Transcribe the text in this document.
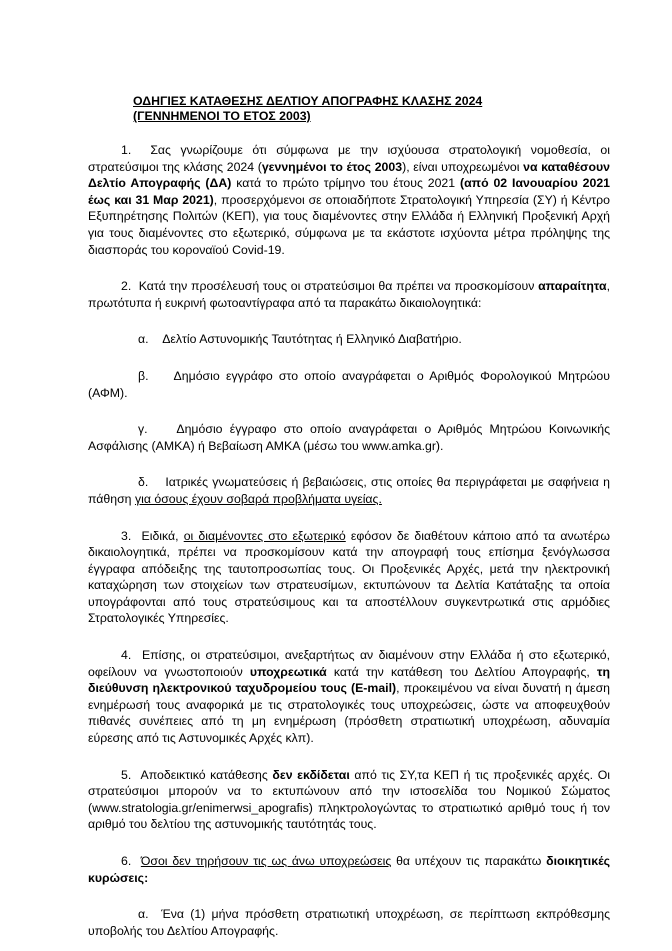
ΟΔΗΓΙΕΣ ΚΑΤΑΘΕΣΗΣ ΔΕΛΤΙΟΥ ΑΠΟΓΡΑΦΗΣ ΚΛΑΣΗΣ 2024

(ΓΕΝΝΗΜΕΝΟΙ ΤΟ ΕΤΟΣ 2003)

1.  Σας γνωρίζουμε ότι σύμφωνα με την ισχύουσα στρατολογική νομοθεσία, οι στρατεύσιμοι της κλάσης 2024 (γεννημένοι το έτος 2003), είναι υποχρεωμένοι να καταθέσουν Δελτίο Απογραφής (ΔΑ) κατά το πρώτο τρίμηνο του έτους 2021 (από 02 Ιανουαρίου 2021 έως και 31 Μαρ 2021), προσερχόμενοι σε οποιαδήποτε Στρατολογική Υπηρεσία (ΣΥ) ή Κέντρο Εξυπηρέτησης Πολιτών (ΚΕΠ), για τους διαμένοντες στην Ελλάδα ή Ελληνική Προξενική Αρχή για τους διαμένοντες στο εξωτερικό, σύμφωνα με τα εκάστοτε ισχύοντα μέτρα πρόληψης της διασποράς του κοροναϊού Covid-19.

2.  Κατά την προσέλευσή τους οι στρατεύσιμοι θα πρέπει να προσκομίσουν απαραίτητα, πρωτότυπα ή ευκρινή φωτοαντίγραφα από τα παρακάτω δικαιολογητικά:

α.    Δελτίο Αστυνομικής Ταυτότητας ή Ελληνικό Διαβατήριο.

β.    Δημόσιο εγγράφο στο οποίο αναγράφεται ο Αριθμός Φορολογικού Μητρώου (ΑΦΜ).

γ.    Δημόσιο έγγραφο στο οποίο αναγράφεται ο Αριθμός Μητρώου Κοινωνικής Ασφάλισης (ΑΜΚΑ) ή Βεβαίωση ΑΜΚΑ (μέσω του www.amka.gr).

δ.    Ιατρικές γνωματεύσεις ή βεβαιώσεις, στις οποίες θα περιγράφεται με σαφήνεια η πάθηση για όσους έχουν σοβαρά προβλήματα υγείας.

3.  Ειδικά, οι διαμένοντες στο εξωτερικό εφόσον δε διαθέτουν κάποιο από τα ανωτέρω δικαιολογητικά, πρέπει να προσκομίσουν κατά την απογραφή τους επίσημα ξενόγλωσσα έγγραφα απόδειξης της ταυτοπροσωπίας τους. Οι Προξενικές Αρχές, μετά την ηλεκτρονική καταχώρηση των στοιχείων των στρατευσίμων, εκτυπώνουν τα Δελτία Κατάταξης τα οποία υπογράφονται από τους στρατεύσιμους και τα αποστέλλουν συγκεντρωτικά στις αρμόδιες Στρατολογικές Υπηρεσίες.

4.  Επίσης, οι στρατεύσιμοι, ανεξαρτήτως αν διαμένουν στην Ελλάδα ή στο εξωτερικό, οφείλουν να γνωστοποιούν υποχρεωτικά κατά την κατάθεση του Δελτίου Απογραφής, τη διεύθυνση ηλεκτρονικού ταχυδρομείου τους (E-mail), προκειμένου να είναι δυνατή η άμεση ενημέρωσή τους αναφορικά με τις στρατολογικές τους υποχρεώσεις, ώστε να αποφευχθούν πιθανές συνέπειες από τη μη ενημέρωση (πρόσθετη στρατιωτική υποχρέωση, αδυναμία εύρεσης από τις Αστυνομικές Αρχές κλπ).

5.  Αποδεικτικό κατάθεσης δεν εκδίδεται από τις ΣΥ,τα ΚΕΠ ή τις προξενικές αρχές. Οι στρατεύσιμοι μπορούν να το εκτυπώνουν από την ιστοσελίδα του Νομικού Σώματος (www.stratologia.gr/enimerwsi_apografis) πληκτρολογώντας το στρατιωτικό αριθμό τους ή τον αριθμό του δελτίου της αστυνομικής ταυτότητάς τους.

6.  Όσοι δεν τηρήσουν τις ως άνω υποχρεώσεις θα υπέχουν τις παρακάτω διοικητικές κυρώσεις:

α.  Ένα (1) μήνα πρόσθετη στρατιωτική υποχρέωση, σε περίπτωση εκπρόθεσμης υποβολής του Δελτίου Απογραφής.
